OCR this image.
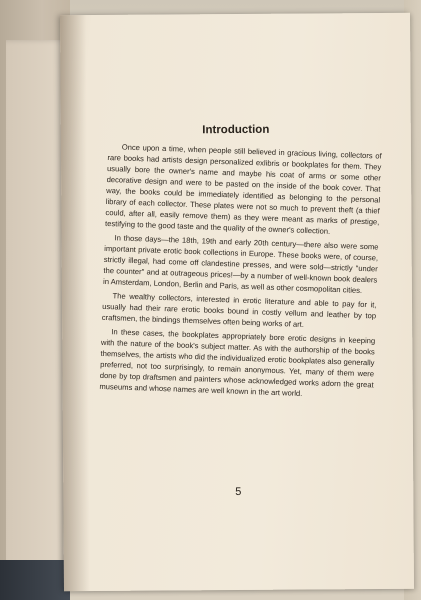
Introduction
5

Once upon a time, when people still believed in gracious living, collectors of rare books had artists design personalized exlibris or bookplates for them. They usually bore the owner's name and maybe his coat of arms or some other decorative design and were to be pasted on the inside of the book cover. That way, the books could be immediately identified as belonging to the personal library of each collector. These plates were not so much to prevent theft (a thief could, after all, easily remove them) as they were meant as marks of prestige, testifying to the good taste and the quality of the owner's collection.

In those days—the 18th, 19th and early 20th century—there also were some important private erotic book collections in Europe. These books were, of course, strictly illegal, had come off clandestine presses, and were sold—strictly "under the counter" and at outrageous prices!—by a number of well-known book dealers in Amsterdam, London, Berlin and Paris, as well as other cosmopolitan cities.

The wealthy collectors, interested in erotic literature and able to pay for it, usually had their rare erotic books bound in costly vellum and leather by top craftsmen, the bindings themselves often being works of art.

In these cases, the bookplates appropriately bore erotic designs in keeping with the nature of the book's subject matter. As with the authorship of the books themselves, the artists who did the individualized erotic bookplates also generally preferred, not too surprisingly, to remain anonymous. Yet, many of them were done by top draftsmen and painters whose acknowledged works adorn the great museums and whose names are well known in the art world.
